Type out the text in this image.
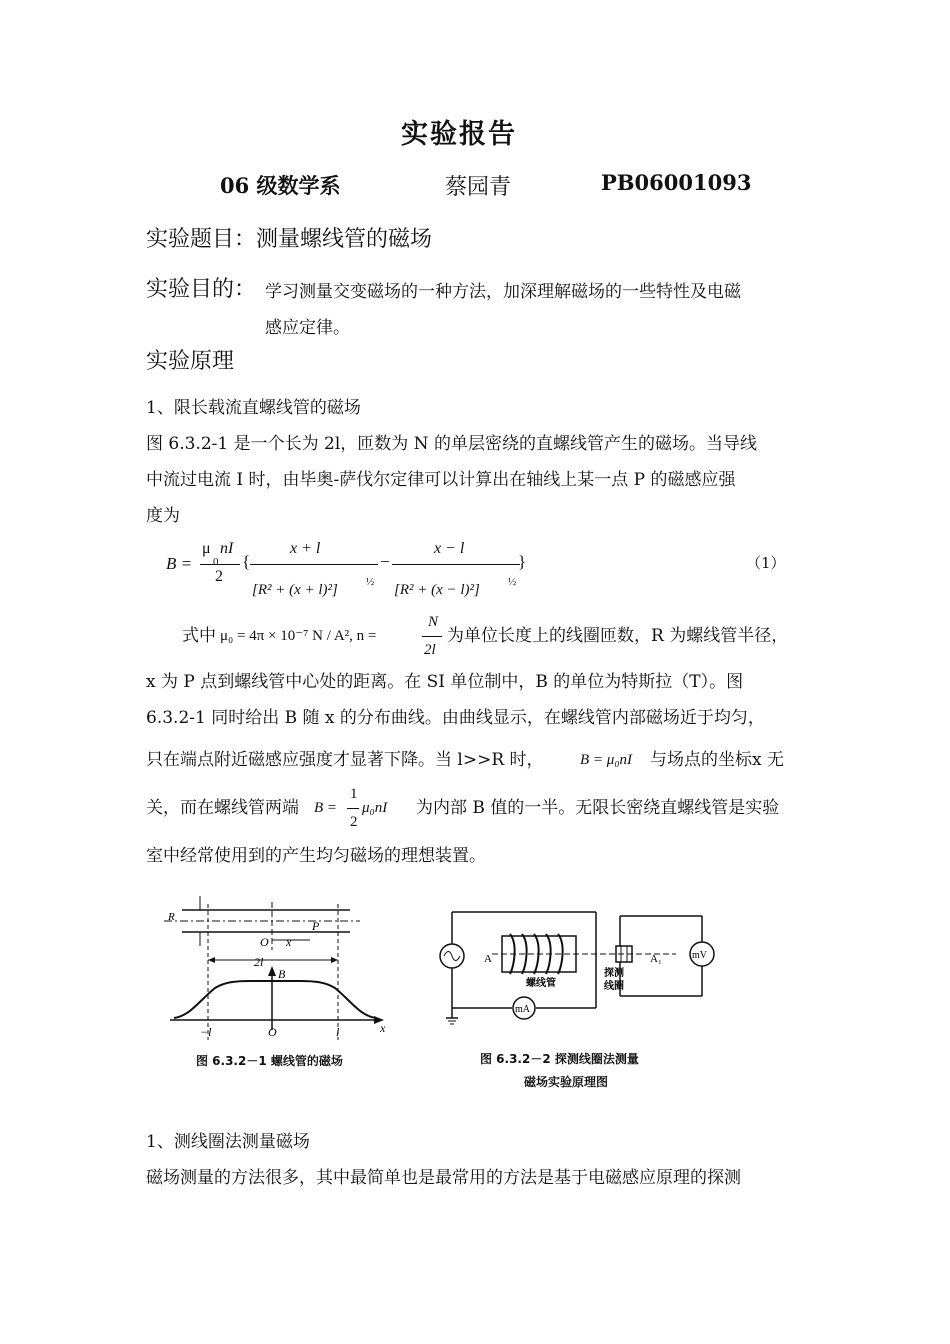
实验报告
06 级数学系	蔡园青	PB06001093
实验题目：测量螺线管的磁场
实验目的： 学习测量交变磁场的一种方法，加深理解磁场的一些特性及电磁
感应定律。
实验原理
1、限长载流直螺线管的磁场
图 6.3.2-1 是一个长为 2l，匝数为 N 的单层密绕的直螺线管产生的磁场。当导线
中流过电流 I 时，由毕奥-萨伐尔定律可以计算出在轴线上某一点 P 的磁感应强
度为
B =
μ
0
nI
2
{
x + l
[R² + (x + l)²]	½
−
x − l
[R² + (x − l)²]	½
}	（1）
式中 μ₀ = 4π × 10⁻⁷ N / A², n =
N
2l
为单位长度上的线圈匝数，R 为螺线管半径，
x 为 P 点到螺线管中心处的距离。在 SI 单位制中，B 的单位为特斯拉（T）。图
6.3.2-1 同时给出 B 随 x 的分布曲线。由曲线显示，在螺线管内部磁场近于均匀，
只在端点附近磁感应强度才显著下降。当 l>>R 时， B = μ₀nI 与场点的坐标x 无
关，而在螺线管两端 B =
1
2
μ₀nI 为内部 B 值的一半。无限长密绕直螺线管是实验
室中经常使用到的产生均匀磁场的理想装置。
R
P
O x
2l
B
−l	O	l	x
图 6.3.2－1 螺线管的磁场
A	A₁
螺线管
探测
线圈
mA
mV
图 6.3.2－2 探测线圈法测量
磁场实验原理图
1、测线圈法测量磁场
磁场测量的方法很多，其中最简单也是最常用的方法是基于电磁感应原理的探测
